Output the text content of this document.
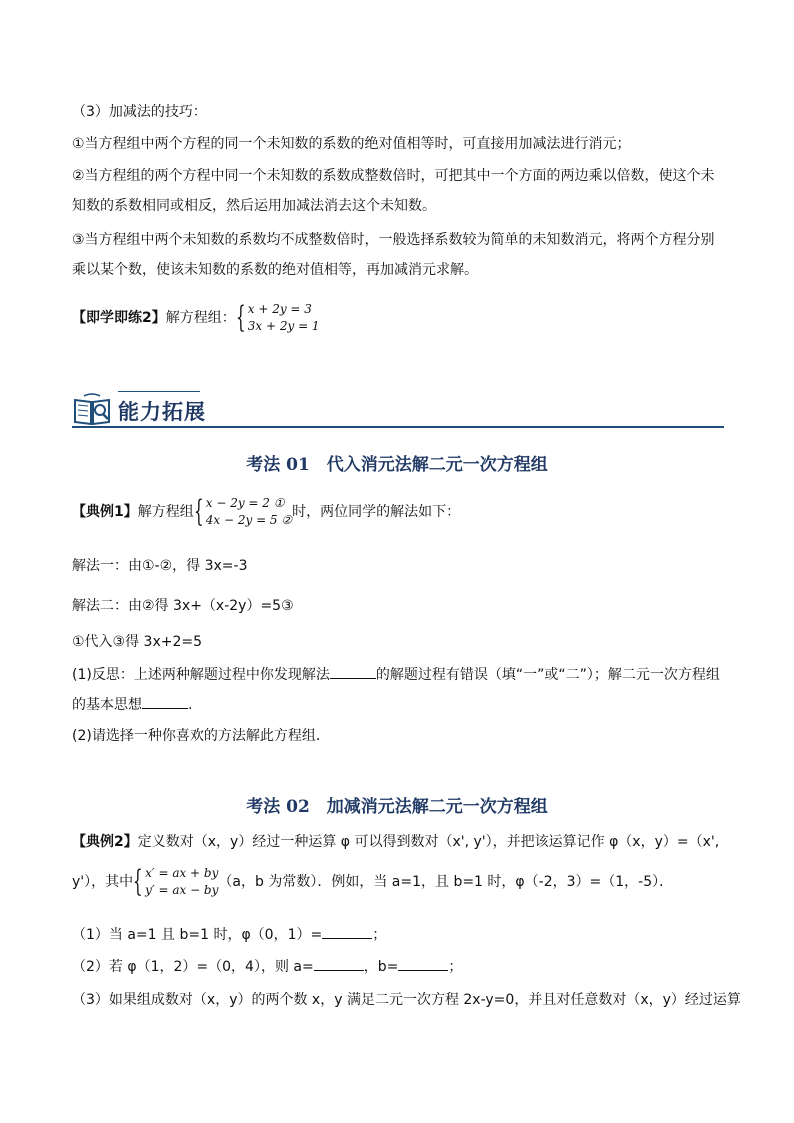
（3）加减法的技巧：
①当方程组中两个方程的同一个未知数的系数的绝对值相等时，可直接用加减法进行消元；
②当方程组的两个方程中同一个未知数的系数成整数倍时，可把其中一个方面的两边乘以倍数，使这个未
知数的系数相同或相反，然后运用加减法消去这个未知数。
③当方程组中两个未知数的系数均不成整数倍时，一般选择系数较为简单的未知数消元，将两个方程分别
乘以某个数，使该未知数的系数的绝对值相等，再加减消元求解。
【即学即练2】解方程组： { x + 2y = 3
3x + 2y = 1
能力拓展
考法 01　代入消元法解二元一次方程组
【典例1】解方程组 { x − 2y = 2 ①
4x − 2y = 5 ② 时，两位同学的解法如下：
解法一：由①-②，得 3x=-3
解法二：由②得 3x+（x-2y）=5③
①代入③得 3x+2=5
(1)反思：上述两种解题过程中你发现解法	的解题过程有错误（填“一”或“二”）；解二元一次方程组
的基本思想	.
(2)请选择一种你喜欢的方法解此方程组．
考法 02　加减消元法解二元一次方程组
【典例2】定义数对（x，y）经过一种运算 φ 可以得到数对（x', y'），并把该运算记作 φ（x，y）=（x',
y'），其中 { x′ = ax + by
y′ = ax − by （a，b 为常数）．例如，当 a=1，且 b=1 时，φ（-2，3）=（1，-5）．
（1）当 a=1 且 b=1 时，φ（0，1）=	；
（2）若 φ（1，2）=（0，4），则 a=	，b=	；
（3）如果组成数对（x，y）的两个数 x，y 满足二元一次方程 2x-y=0，并且对任意数对（x，y）经过运算
